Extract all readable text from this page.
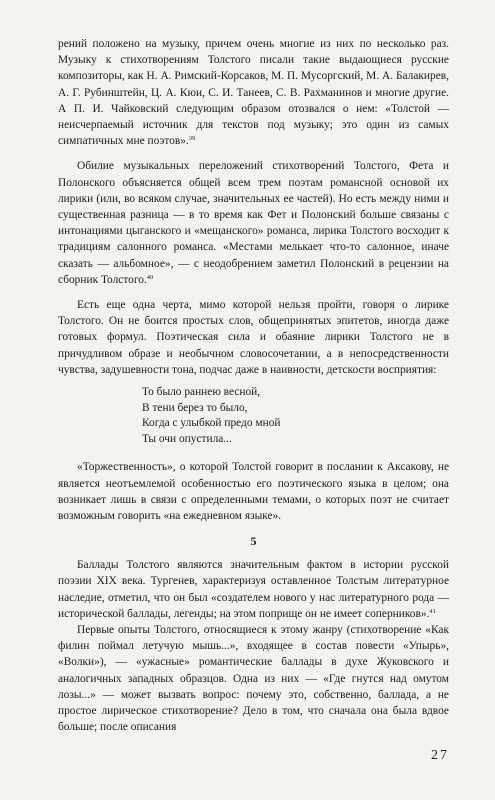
рений положено на музыку, причем очень многие из них по несколько раз. Музыку к стихотворениям Толстого писали такие выдающиеся русские композиторы, как Н. А. Римский-Корсаков, М. П. Мусоргский, М. А. Балакирев, А. Г. Рубинштейн, Ц. А. Кюи, С. И. Танеев, С. В. Рахманинов и многие другие. А П. И. Чайковский следующим образом отозвался о нем: «Толстой — неисчерпаемый источник для текстов под музыку; это один из самых симпатичных мне поэтов».$^{39}$

Обилие музыкальных переложений стихотворений Толстого, Фета и Полонского объясняется общей всем трем поэтам романсной основой их лирики (или, во всяком случае, значительных ее частей). Но есть между ними и существенная разница — в то время как Фет и Полонский больше связаны с интонациями цыганского и «мещанского» романса, лирика Толстого восходит к традициям салонного романса. «Местами мелькает что-то салонное, иначе сказать — альбомное», — с неодобрением заметил Полонский в рецензии на сборник Толстого.$^{40}$

Есть еще одна черта, мимо которой нельзя пройти, говоря о лирике Толстого. Он не боится простых слов, общепринятых эпитетов, иногда даже готовых формул. Поэтическая сила и обаяние лирики Толстого не в причудливом образе и необычном словосочетании, а в непосредственности чувства, задушевности тона, подчас даже в наивности, детскости восприятия:

То было раннею весной,
В тени берез то было,
Когда с улыбкой предо мной
Ты очи опустила...

«Торжественность», о которой Толстой говорит в послании к Аксакову, не является неотъемлемой особенностью его поэтического языка в целом; она возникает лишь в связи с определенными темами, о которых поэт не считает возможным говорить «на ежедневном языке».

5

Баллады Толстого являются значительным фактом в истории русской поэзии XIX века. Тургенев, характеризуя оставленное Толстым литературное наследие, отметил, что он был «создателем нового у нас литературного рода — исторической баллады, легенды; на этом поприще он не имеет соперников».$^{41}$

Первые опыты Толстого, относящиеся к этому жанру (стихотворение «Как филин поймал летучую мышь...», входящее в состав повести «Упырь», «Волки»), — «ужасные» романтические баллады в духе Жуковского и аналогичных западных образцов. Одна из них — «Где гнутся над омутом лозы...» — может вызвать вопрос: почему это, собственно, баллада, а не простое лирическое стихотворение? Дело в том, что сначала она была вдвое больше; после описания

27
